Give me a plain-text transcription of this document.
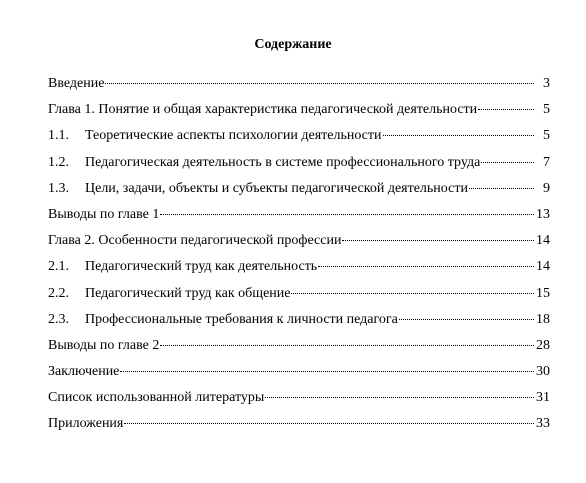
Содержание
Введение	3
Глава 1. Понятие и общая характеристика педагогической деятельности	5
1.1.	Теоретические аспекты психологии деятельности	5
1.2.	Педагогическая деятельность в системе профессионального труда	7
1.3.	Цели, задачи, объекты и субъекты педагогической деятельности	9
Выводы по главе 1	13
Глава 2. Особенности педагогической профессии	14
2.1.	Педагогический труд как деятельность	14
2.2.	Педагогический труд как общение	15
2.3.	Профессиональные требования к личности педагога	18
Выводы по главе 2	28
Заключение	30
Список использованной литературы	31
Приложения	33
